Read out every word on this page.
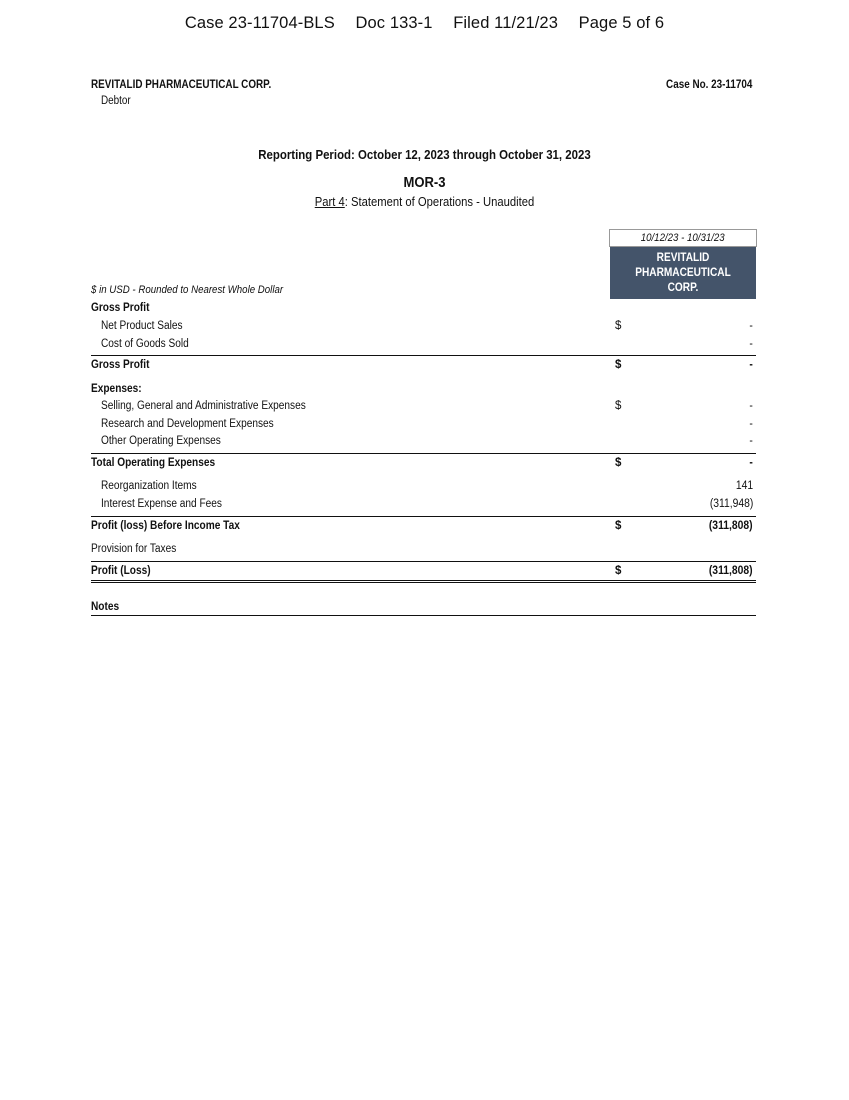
Case 23-11704-BLS Doc 133-1 Filed 11/21/23 Page 5 of 6
REVITALID PHARMACEUTICAL CORP.
Debtor
Case No. 23-11704
Reporting Period: October 12, 2023 through October 31, 2023
MOR-3
Part 4: Statement of Operations - Unaudited
10/12/23 - 10/31/23
REVITALID
PHARMACEUTICAL CORP.
$ in USD - Rounded to Nearest Whole Dollar
Gross Profit
Net Product Sales	$	-
Cost of Goods Sold	-
Gross Profit	$	-
Expenses:
Selling, General and Administrative Expenses	$	-
Research and Development Expenses	-
Other Operating Expenses	-
Total Operating Expenses	$	-
Reorganization Items	141
Interest Expense and Fees	(311,948)
Profit (loss) Before Income Tax	$	(311,808)
Provision for Taxes
Profit (Loss)	$	(311,808)
Notes
